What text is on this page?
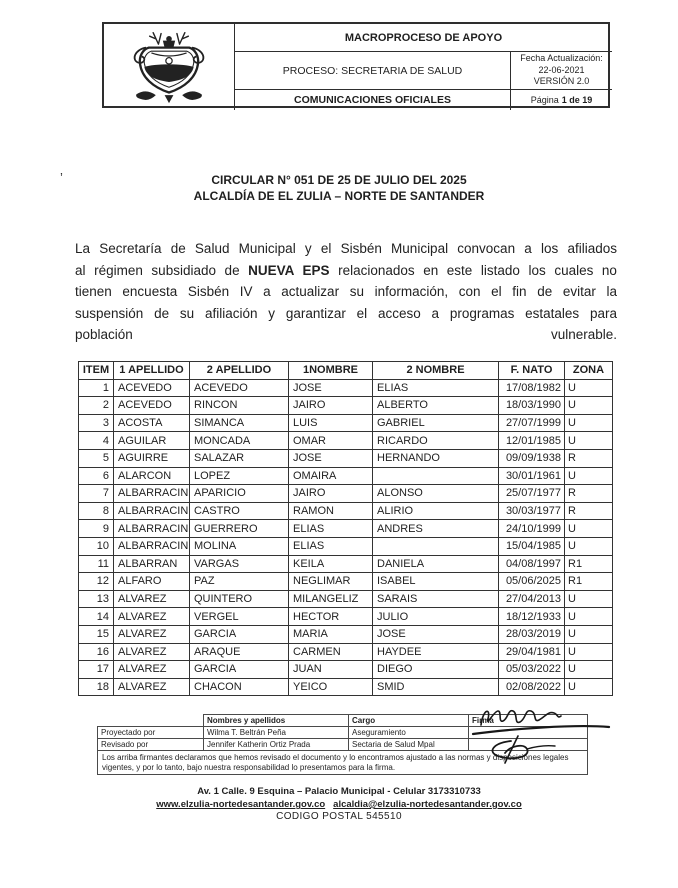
MACROPROCESO DE APOYO
PROCESO: SECRETARIA DE SALUD
Fecha Actualización:
22-06-2021
VERSIÓN 2.0
COMUNICACIONES OFICIALES	Página 1 de 19
’	CIRCULAR N° 051 DE 25 DE JULIO DEL 2025
ALCALDÍA DE EL ZULIA – NORTE DE SANTANDER
La Secretaría de Salud Municipal y el Sisbén Municipal convocan a los afiliados
al régimen subsidiado de NUEVA EPS relacionados en este listado los cuales no
tienen encuesta Sisbén IV a actualizar su información, con el fin de evitar la
suspensión de su afiliación y garantizar el acceso a programas estatales para
población vulnerable.
ITEM	1 APELLIDO	2 APELLIDO	1NOMBRE	2 NOMBRE	F. NATO	ZONA
1	ACEVEDO	ACEVEDO	JOSE	ELIAS	17/08/1982	U
2	ACEVEDO	RINCON	JAIRO	ALBERTO	18/03/1990	U
3	ACOSTA	SIMANCA	LUIS	GABRIEL	27/07/1999	U
4	AGUILAR	MONCADA	OMAR	RICARDO	12/01/1985	U
5	AGUIRRE	SALAZAR	JOSE	HERNANDO	09/09/1938	R
6	ALARCON	LOPEZ	OMAIRA		30/01/1961	U
7	ALBARRACIN	APARICIO	JAIRO	ALONSO	25/07/1977	R
8	ALBARRACIN	CASTRO	RAMON	ALIRIO	30/03/1977	R
9	ALBARRACIN	GUERRERO	ELIAS	ANDRES	24/10/1999	U
10	ALBARRACIN	MOLINA	ELIAS		15/04/1985	U
11	ALBARRAN	VARGAS	KEILA	DANIELA	04/08/1997	R1
12	ALFARO	PAZ	NEGLIMAR	ISABEL	05/06/2025	R1
13	ALVAREZ	QUINTERO	MILANGELIZ	SARAIS	27/04/2013	U
14	ALVAREZ	VERGEL	HECTOR	JULIO	18/12/1933	U
15	ALVAREZ	GARCIA	MARIA	JOSE	28/03/2019	U
16	ALVAREZ	ARAQUE	CARMEN	HAYDEE	29/04/1981	U
17	ALVAREZ	GARCIA	JUAN	DIEGO	05/03/2022	U
18	ALVAREZ	CHACON	YEICO	SMID	02/08/2022	U
	Nombres y apellidos	Cargo	Firma
Proyectado por	Wilma T. Beltrán Peña	Aseguramiento	
Revisado por	Jennifer Katherin Ortiz Prada	Sectaria de Salud Mpal	
Los arriba firmantes declaramos que hemos revisado el documento y lo encontramos ajustado a las normas y disposiciones legales vigentes, y por lo tanto, bajo nuestra responsabilidad lo presentamos para la firma.			
Av. 1 Calle. 9 Esquina – Palacio Municipal - Celular 3173310733
www.elzulia-nortedesantander.gov.co alcaldia@elzulia-nortedesantander.gov.co
CODIGO POSTAL 545510
